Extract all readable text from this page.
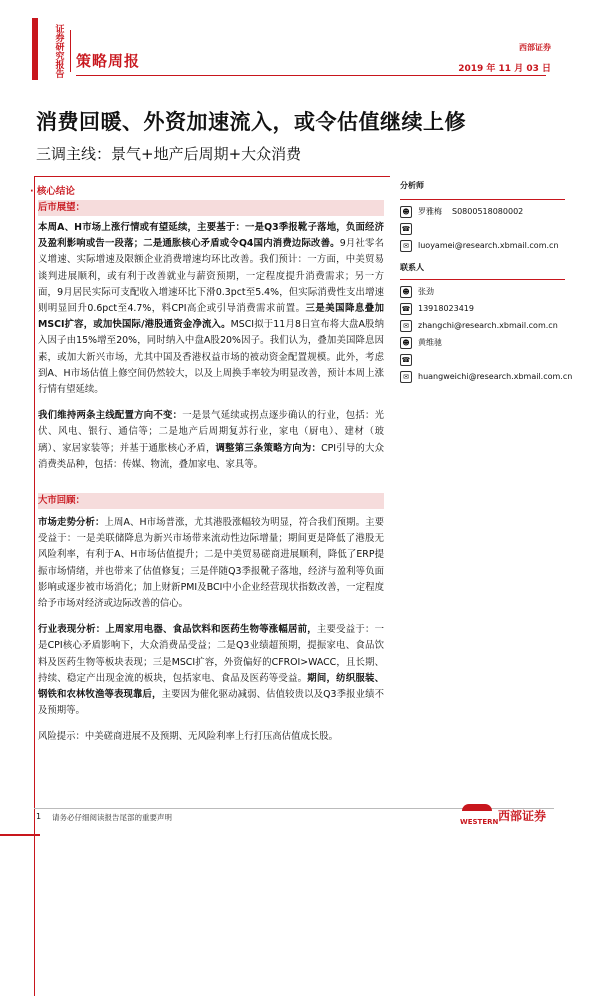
证券研究报告
策略周报
西部证券
2019 年 11 月 03 日
消费回暖、外资加速流入，或令估值继续上修
三调主线：景气+地产后周期+大众消费
· 核心结论
后市展望：

本周A、H市场上涨行情或有望延续，主要基于：一是Q3季报靴子落地，负面经济及盈利影响或告一段落；二是通胀核心矛盾或令Q4国内消费边际改善。9月社零名义增速、实际增速及限额企业消费增速均环比改善。我们预计：一方面，中美贸易谈判进展顺利，或有利于改善就业与薪资预期，一定程度提升消费需求；另一方面，9月居民实际可支配收入增速环比下滑0.3pct至5.4%，但实际消费性支出增速则明显回升0.6pct至4.7%，料CPI高企或引导消费需求前置。三是美国降息叠加MSCI扩容，或加快国际/港股通资金净流入。MSCI拟于11月8日宣布将大盘A股纳入因子由15%增至20%，同时纳入中盘A股20%因子。我们认为，叠加美国降息因素，或加大新兴市场，尤其中国及香港权益市场的被动资金配置规模。此外，考虑到A、H市场估值上修空间仍然较大，以及上周换手率较为明显改善，预计本周上涨行情有望延续。

我们维持两条主线配置方向不变：一是景气延续或拐点逐步确认的行业，包括：光伏、风电、银行、通信等；二是地产后周期复苏行业，家电（厨电）、建材（玻璃）、家居家装等；并基于通胀核心矛盾，调整第三条策略方向为：CPI引导的大众消费类品种，包括：传媒、物流，叠加家电、家具等。

大市回顾：

市场走势分析：上周A、H市场普涨，尤其港股涨幅较为明显，符合我们预期。主要受益于：一是美联储降息为新兴市场带来流动性边际增量；期间更是降低了港股无风险利率，有利于A、H市场估值提升；二是中美贸易磋商进展顺利，降低了ERP提振市场情绪，并也带来了估值修复；三是伴随Q3季报靴子落地，经济与盈利等负面影响或逐步被市场消化；加上财新PMI及BCI中小企业经营现状指数改善，一定程度给予市场对经济或边际改善的信心。

行业表现分析：上周家用电器、食品饮料和医药生物等涨幅居前，主要受益于：一是CPI核心矛盾影响下，大众消费品受益；二是Q3业绩超预期，提振家电、食品饮料及医药生物等板块表现；三是MSCI扩容，外资偏好的CFROI>WACC，且长期、持续、稳定产出现金流的板块，包括家电、食品及医药等受益。期间，纺织服装、钢铁和农林牧渔等表现靠后，主要因为催化驱动减弱、估值较贵以及Q3季报业绩不及预期等。

风险提示：中美磋商进展不及预期、无风险利率上行打压高估值成长股。

分析师
☻ 罗雅梅 S0800518080002
☎
✉	luoyamei@research.xbmail.com.cn
联系人
☻ 张劲
☎ 13918023419
✉	zhangchi@research.xbmail.com.cn
☻ 黄维驰
☎
✉	huangweichi@research.xbmail.com.cn
1 请务必仔细阅读报告尾部的重要声明	WESTERN 西部证券
